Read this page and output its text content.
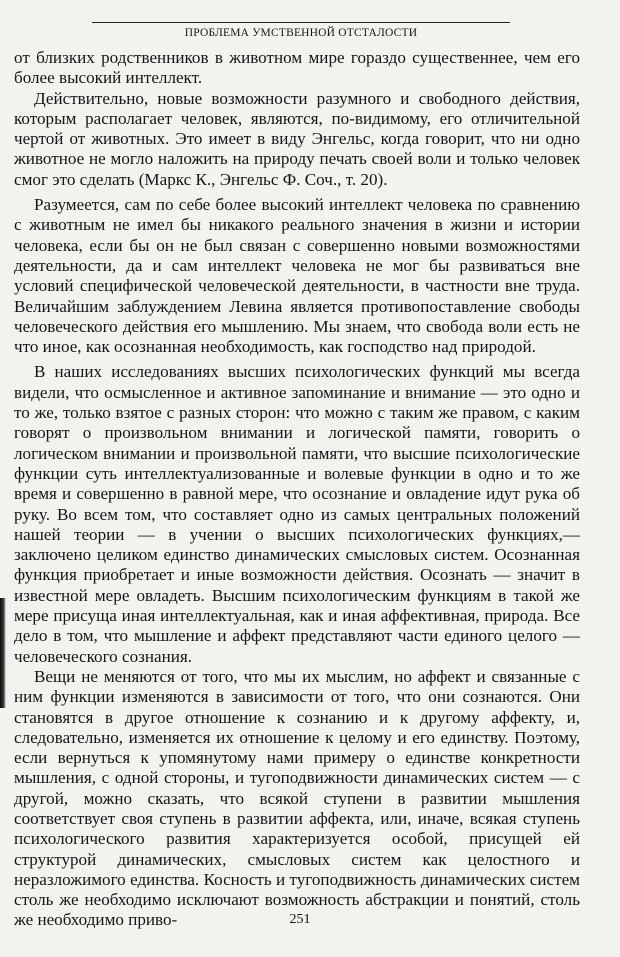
ПРОБЛЕМА УМСТВЕННОЙ ОТСТАЛОСТИ

от близких родственников в животном мире гораздо существеннее, чем его более высокий интеллект.

Действительно, новые возможности разумного и свободного действия, которым располагает человек, являются, по-видимому, его отличительной чертой от животных. Это имеет в виду Энгельс, когда говорит, что ни одно животное не могло наложить на природу печать своей воли и только человек смог это сделать (Маркс К., Энгельс Ф. Соч., т. 20).

Разумеется, сам по себе более высокий интеллект человека по сравнению с животным не имел бы никакого реального значения в жизни и истории человека, если бы он не был связан с совершенно новыми возможностями деятельности, да и сам интеллект человека не мог бы развиваться вне условий специфической человеческой деятельности, в частности вне труда. Величайшим заблуждением Левина является противопоставление свободы человеческого действия его мышлению. Мы знаем, что свобода воли есть не что иное, как осознанная необходимость, как господство над природой.

В наших исследованиях высших психологических функций мы всегда видели, что осмысленное и активное запоминание и внимание — это одно и то же, только взятое с разных сторон: что можно с таким же правом, с каким говорят о произвольном внимании и логической памяти, говорить о логическом внимании и произвольной памяти, что высшие психологические функции суть интеллектуализованные и волевые функции в одно и то же время и совершенно в равной мере, что осознание и овладение идут рука об руку. Во всем том, что составляет одно из самых центральных положений нашей теории — в учении о высших психологических функциях,— заключено целиком единство динамических смысловых систем. Осознанная функция приобретает и иные возможности действия. Осознать — значит в известной мере овладеть. Высшим психологическим функциям в такой же мере присуща иная интеллектуальная, как и иная аффективная, природа. Все дело в том, что мышление и аффект представляют части единого целого — человеческого сознания.

Вещи не меняются от того, что мы их мыслим, но аффект и связанные с ним функции изменяются в зависимости от того, что они сознаются. Они становятся в другое отношение к сознанию и к другому аффекту, и, следовательно, изменяется их отношение к целому и его единству. Поэтому, если вернуться к упомянутому нами примеру о единстве конкретности мышления, с одной стороны, и тугоподвижности динамических систем — с другой, можно сказать, что всякой ступени в развитии мышления соответствует своя ступень в развитии аффекта, или, иначе, всякая ступень психологического развития характеризуется особой, присущей ей структурой динамических, смысловых систем как целостного и неразложимого единства. Косность и тугоподвижность динамических систем столь же необходимо исключают возможность абстракции и понятий, столь же необходимо приво-	251
